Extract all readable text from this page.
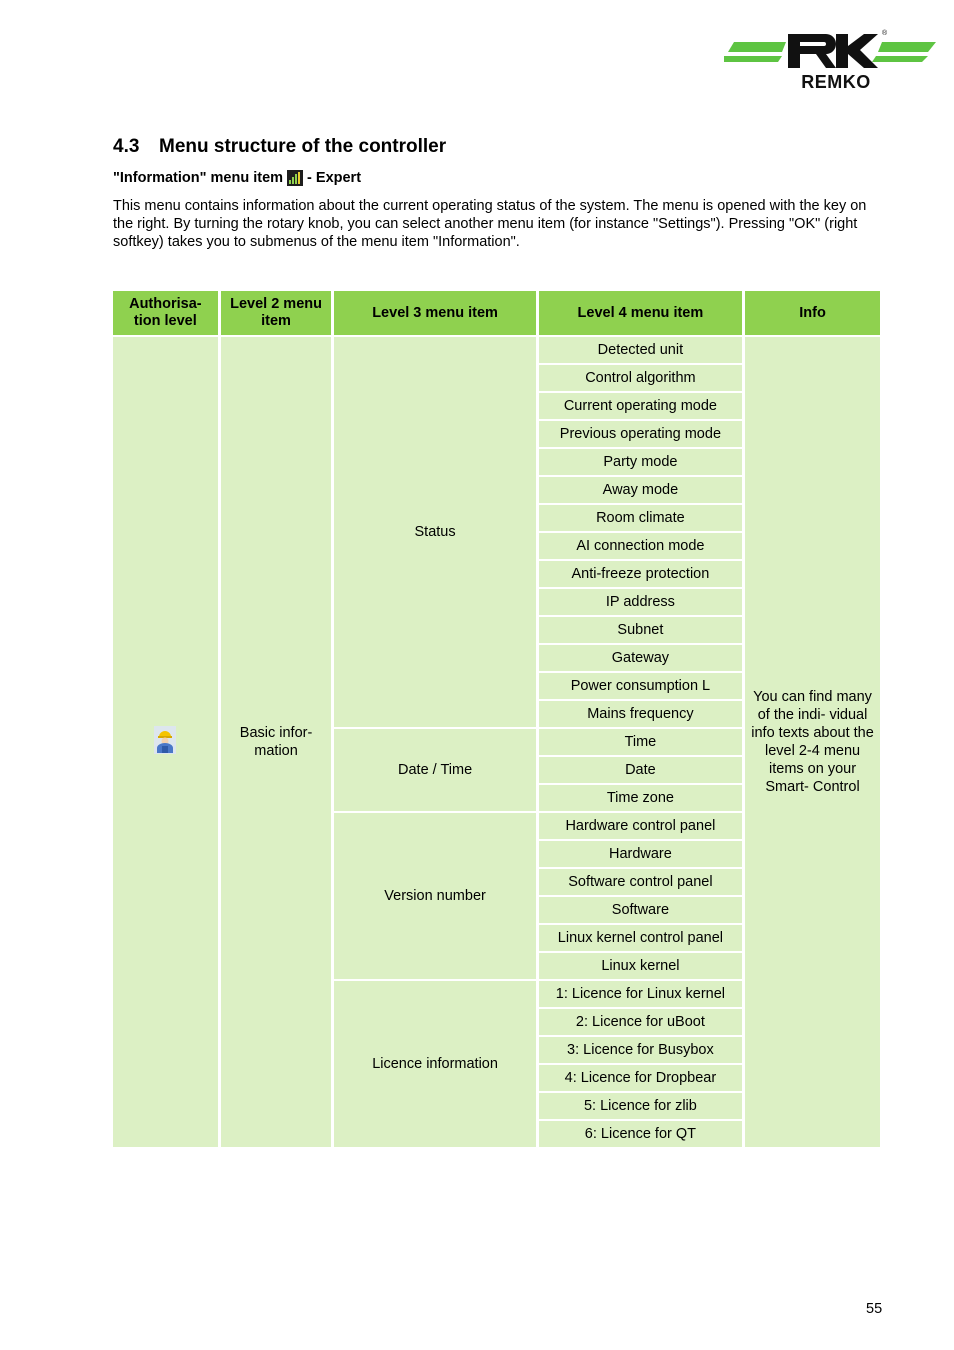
REMKO
®
4.3 Menu structure of the controller
"Information" menu item - Expert
This menu contains information about the current operating status of the system. The menu is opened with the key on the right. By turning the rotary knob, you can select another menu item (for instance "Settings"). Pressing "OK" (right softkey) takes you to submenus of the menu item "Information".
Authorisa- tion level	Level 2 menu item	Level 3 menu item	Level 4 menu item	Info
	Basic infor- mation	Status	Detected unit	You can find many of the indi- vidual info texts about the level 2-4 menu items on your Smart- Control
			Control algorithm	
			Current operating mode	
			Previous operating mode	
			Party mode	
			Away mode	
			Room climate	
			AI connection mode	
			Anti-freeze protection	
			IP address	
			Subnet	
			Gateway	
			Power consumption L	
			Mains frequency	
		Date / Time	Time	
			Date	
			Time zone	
		Version number	Hardware control panel	
			Hardware	
			Software control panel	
			Software	
			Linux kernel control panel	
			Linux kernel	
		Licence information	1: Licence for Linux kernel	
			2: Licence for uBoot	
			3: Licence for Busybox	
			4: Licence for Dropbear	
			5: Licence for zlib	
			6: Licence for QT	
55
